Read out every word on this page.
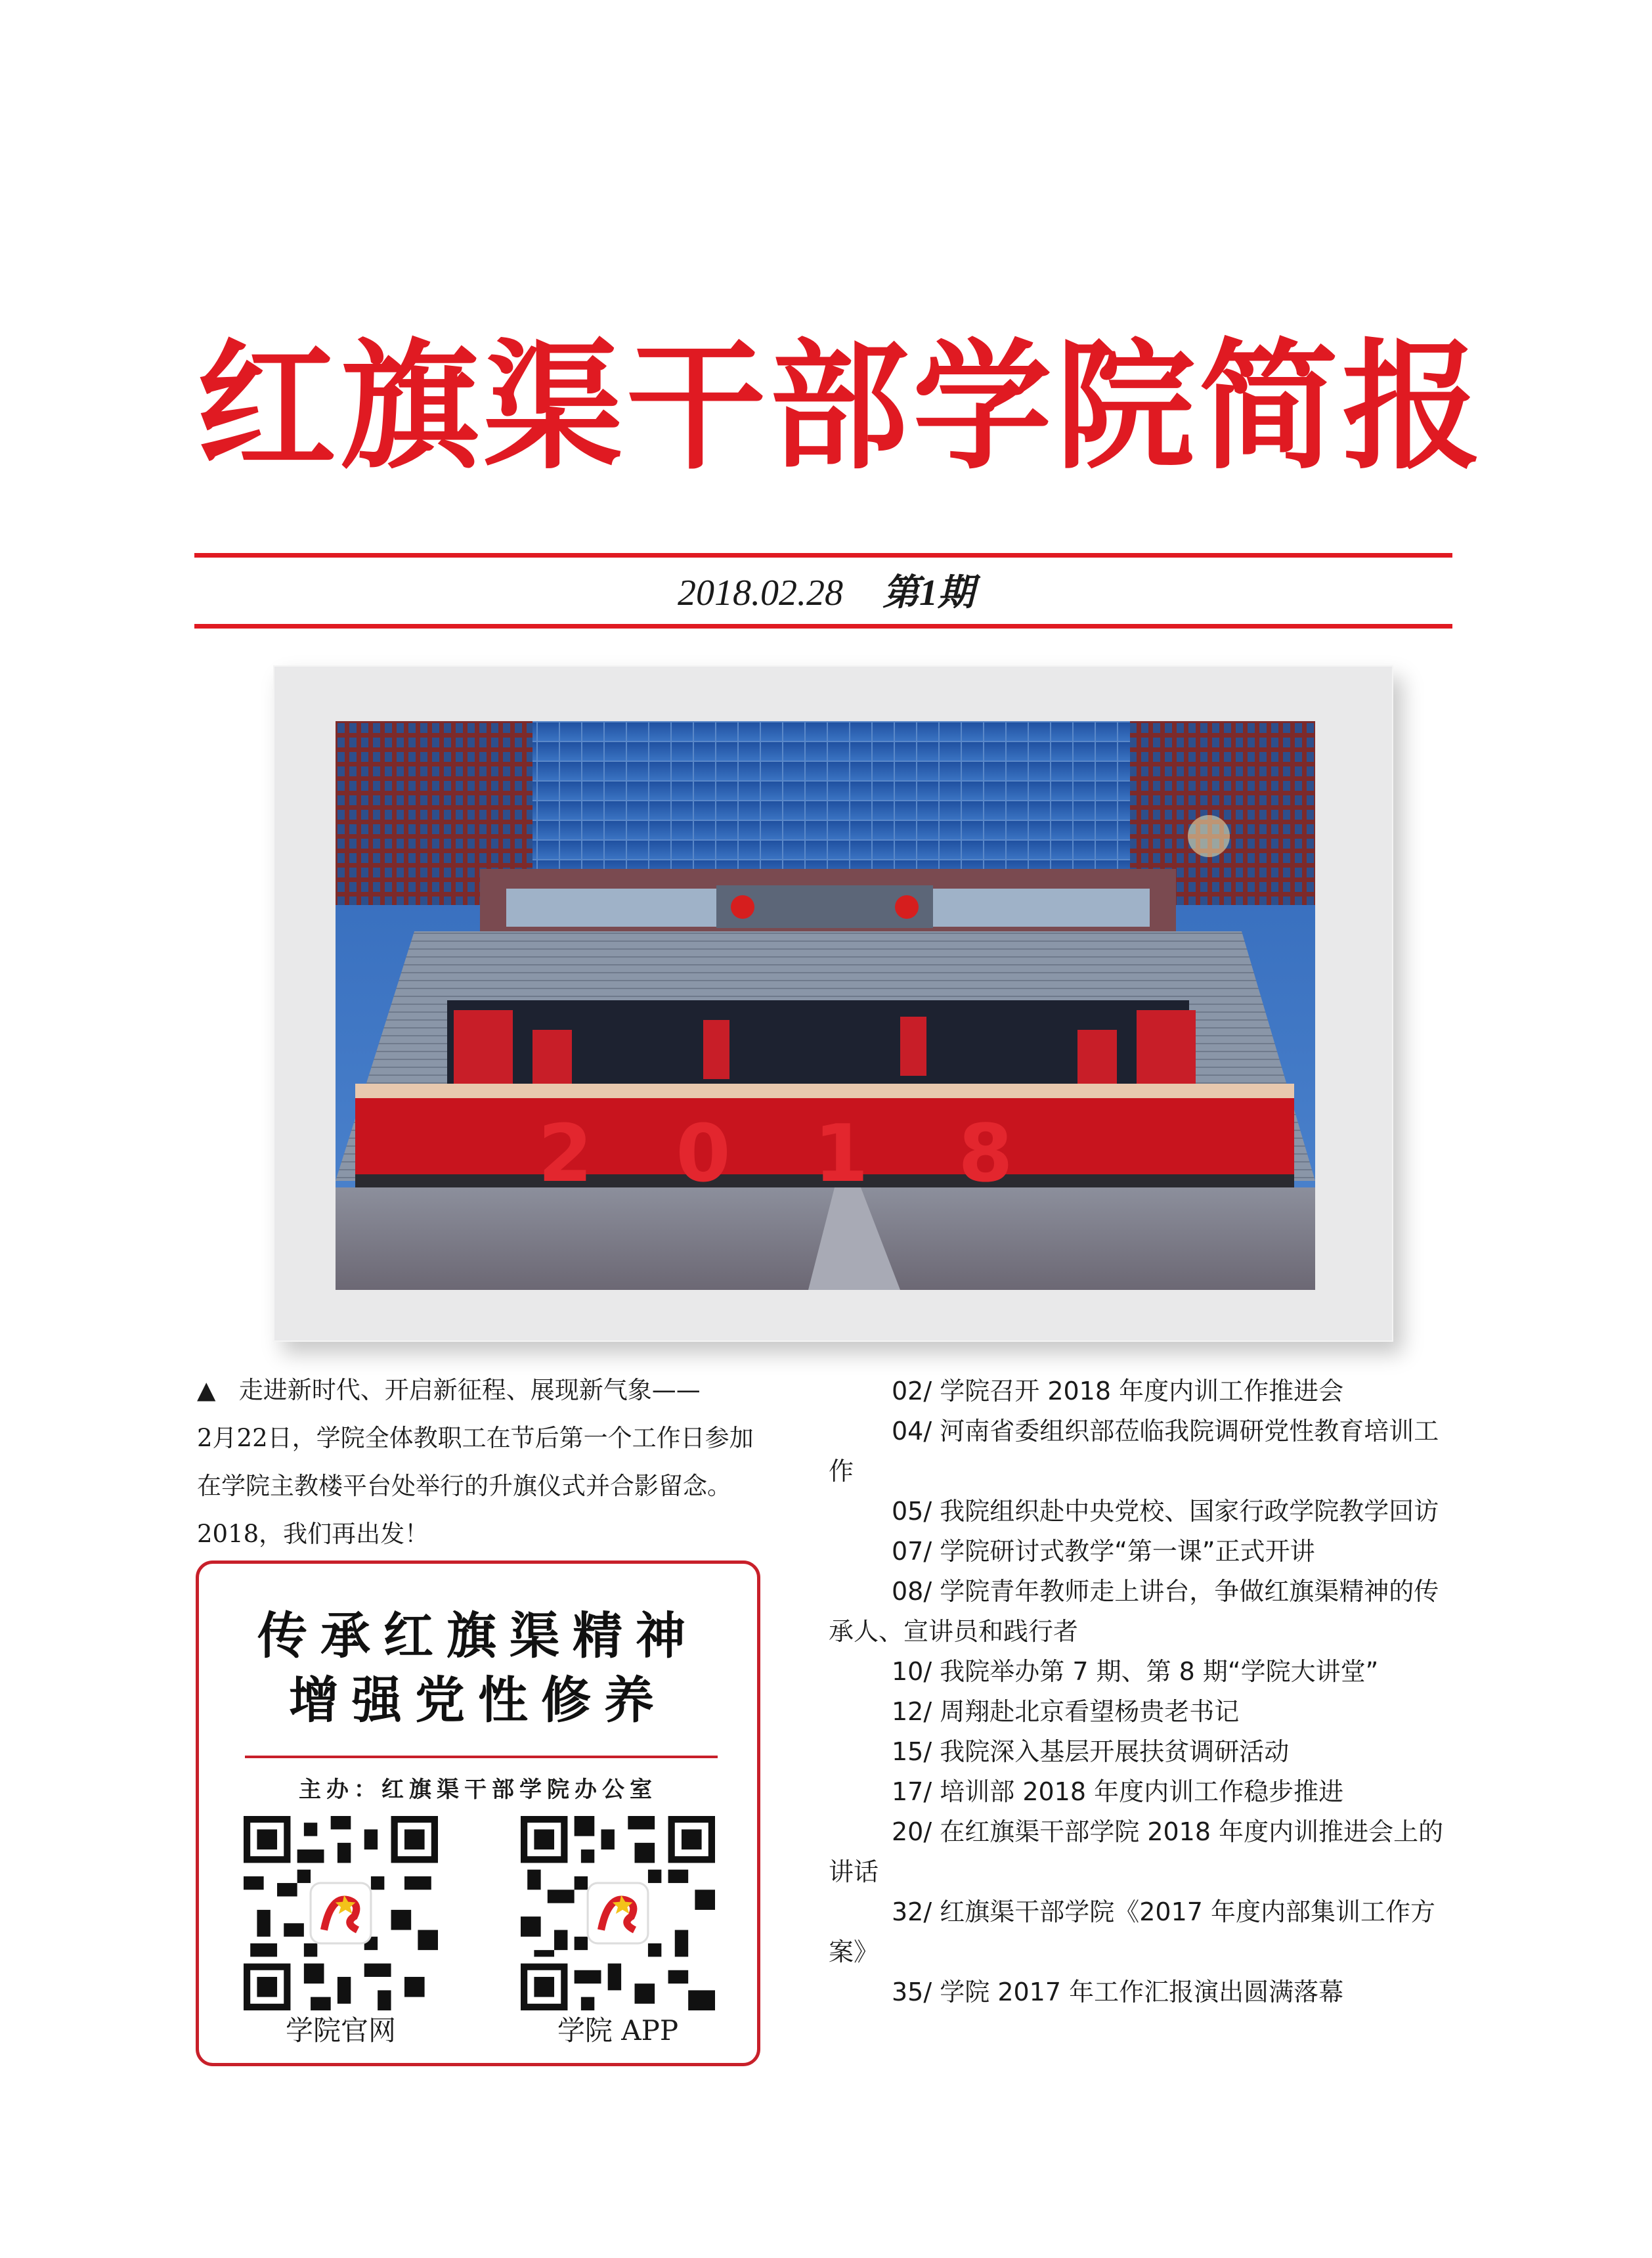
红旗渠干部学院简报
2018.02.28 第1期
2 0 1 8
▲ 走进新时代、开启新征程、展现新气象——
2月22日，学院全体教职工在节后第一个工作日参加在学院主教楼平台处举行的升旗仪式并合影留念。2018，我们再出发！
传承红旗渠精神
增强党性修养
主办：红旗渠干部学院办公室
学院官网	学院 APP
02/ 学院召开 2018 年度内训工作推进会
04/ 河南省委组织部莅临我院调研党性教育培训工作
05/ 我院组织赴中央党校、国家行政学院教学回访
07/ 学院研讨式教学“第一课”正式开讲
08/ 学院青年教师走上讲台，争做红旗渠精神的传承人、宣讲员和践行者
10/ 我院举办第 7 期、第 8 期“学院大讲堂”
12/ 周翔赴北京看望杨贵老书记
15/ 我院深入基层开展扶贫调研活动
17/ 培训部 2018 年度内训工作稳步推进
20/ 在红旗渠干部学院 2018 年度内训推进会上的讲话
32/ 红旗渠干部学院《2017 年度内部集训工作方案》
35/ 学院 2017 年工作汇报演出圆满落幕
